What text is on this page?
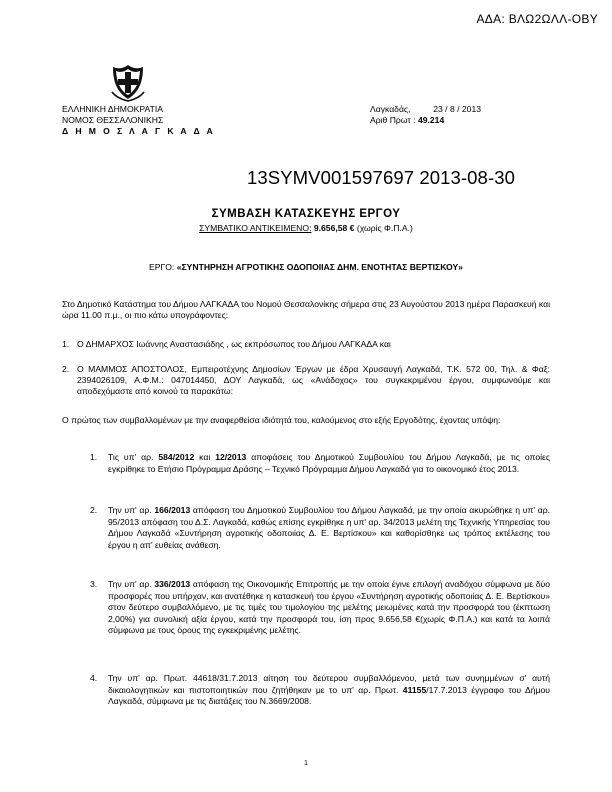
ΑΔΑ: ΒΛΩ2ΩΛΛ-ΟΒΥ
ΕΛΛΗΝΙΚΗ ΔΗΜΟΚΡΑΤΙΑ
ΝΟΜΟΣ ΘΕΣΣΑΛΟΝΙΚΗΣ
Δ Η Μ Ο Σ Λ Α Γ Κ Α Δ Α
Λαγκαδάς,	23 / 8 / 2013
Αριθ Πρωτ : 49.214
13SYMV001597697 2013-08-30
ΣΥΜΒΑΣΗ ΚΑΤΑΣΚΕΥΗΣ ΕΡΓΟΥ
ΣΥΜΒΑΤΙΚΟ ΑΝΤΙΚΕΙΜΕΝΟ: 9.656,58 € (χωρίς Φ.Π.Α.)
ΕΡΓΟ: «ΣΥΝΤΗΡΗΣΗ ΑΓΡΟΤΙΚΗΣ ΟΔΟΠΟΙΙΑΣ ΔΗΜ. ΕΝΟΤΗΤΑΣ ΒΕΡΤΙΣΚΟΥ»
Στο Δημοτικό Κατάστημα του Δήμου ΛΑΓΚΑΔΑ του Νομού Θεσσαλονίκης σήμερα στις 23 Αυγούστου 2013 ημέρα Παρασκευή και ώρα 11.00 π.μ., οι πιο κάτω υπογράφοντες:
1. Ο ΔΗΜΑΡΧΟΣ Ιωάννης Αναστασιάδης , ως εκπρόσωπος του Δήμου ΛΑΓΚΑΔΑ και
2. Ο ΜΑΜΜΟΣ ΑΠΟΣΤΟΛΟΣ, Εμπειροτέχνης Δημοσίων Έργων με έδρα Χρυσαυγή Λαγκαδά, Τ.Κ. 572 00, Τηλ. & Φαξ: 2394026109, Α.Φ.Μ.: 047014450, ΔΟΥ Λαγκαδά, ως «Ανάδοχος» του συγκεκριμένου έργου, συμφωνούμε και αποδεχόμαστε από κοινού τα παρακάτω:
Ο πρώτος των συμβαλλομένων με την αναφερθείσα ιδιότητά του, καλούμενος στο εξής Εργοδότης, έχοντας υπόψη:
1. Τις υπ' αρ. 584/2012 και 12/2013 αποφάσεις του Δημοτικού Συμβουλίου του Δήμου Λαγκαδά, με τις οποίες εγκρίθηκε το Ετήσιο Πρόγραμμα Δράσης – Τεχνικό Πρόγραμμα Δήμου Λαγκαδά για το οικονομικό έτος 2013.
2. Την υπ' αρ. 166/2013 απόφαση του Δημοτικού Συμβουλίου του Δήμου Λαγκαδά, με την οποία ακυρώθηκε η υπ' αρ. 95/2013 απόφαση του Δ.Σ. Λαγκαδά, καθώς επίσης εγκρίθηκε η υπ' αρ. 34/2013 μελέτη της Τεχνικής Υπηρεσίας του Δήμου Λαγκαδά «Συντήρηση αγροτικής οδοποιίας Δ. Ε. Βερτίσκου» και καθορίσθηκε ως τρόπος εκτέλεσης του έργου η απ' ευθείας ανάθεση.
3. Την υπ' αρ. 336/2013 απόφαση της Οικονομικής Επιτροπής με την οποία έγινε επιλογή αναδόχου σύμφωνα με δύο προσφορές που υπήρχαν, και ανατέθηκε η κατασκευή του έργου «Συντήρηση αγροτικής οδοποιίας Δ. Ε. Βερτίσκου» στον δεύτερο συμβαλλόμενο, με τις τιμές του τιμολογίου της μελέτης μειωμένες κατά την προσφορά του (έκπτωση 2,00%) για συνολική αξία έργου, κατά την προσφορά του, ίση προς 9.656,58 €(χωρίς Φ.Π.Α.) και κατά τα λοιπά σύμφωνα με τους όρους της εγκεκριμένης μελέτης.
4. Την υπ' αρ. Πρωτ. 44618/31.7.2013 αίτηση του δεύτερου συμβαλλόμενου, μετά των συνημμένων σ' αυτή δικαιολογητικών και πιστοποιητικών που ζητήθηκαν με το υπ' αρ. Πρωτ. 41155/17.7.2013 έγγραφο του Δήμου Λαγκαδά, σύμφωνα με τις διατάξεις του Ν.3669/2008.
1
